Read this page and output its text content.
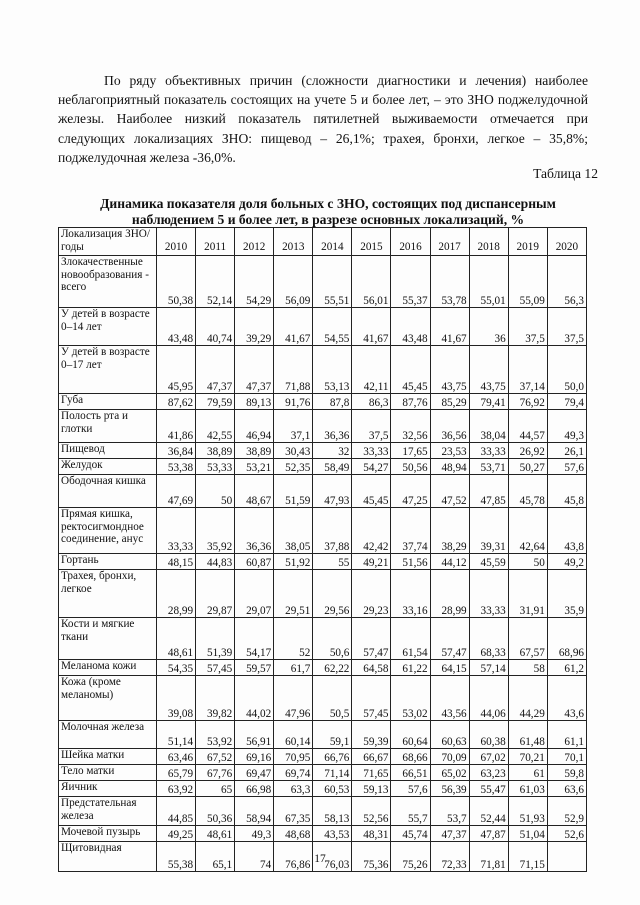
По ряду объективных причин (сложности диагностики и лечения) наиболее неблагоприятный показатель состоящих на учете 5 и более лет, – это ЗНО поджелудочной железы. Наиболее низкий показатель пятилетней выживаемости отмечается при следующих локализациях ЗНО: пищевод – 26,1%; трахея, бронхи, легкое – 35,8%; поджелудочная железа -36,0%.
Таблица 12
Динамика показателя доля больных с ЗНО, состоящих под диспансерным наблюдением 5 и более лет, в разрезе основных локализаций, %
Локализация ЗНО/ годы	2010	2011	2012	2013	2014	2015	2016	2017	2018	2019	2020
Злокачественные новообразования - всего	50,38	52,14	54,29	56,09	55,51	56,01	55,37	53,78	55,01	55,09	56,3
У детей в возрасте 0–14 лет	43,48	40,74	39,29	41,67	54,55	41,67	43,48	41,67	36	37,5	37,5
У детей в возрасте 0–17 лет	45,95	47,37	47,37	71,88	53,13	42,11	45,45	43,75	43,75	37,14	50,0
Губа	87,62	79,59	89,13	91,76	87,8	86,3	87,76	85,29	79,41	76,92	79,4
Полость рта и глотки	41,86	42,55	46,94	37,1	36,36	37,5	32,56	36,56	38,04	44,57	49,3
Пищевод	36,84	38,89	38,89	30,43	32	33,33	17,65	23,53	33,33	26,92	26,1
Желудок	53,38	53,33	53,21	52,35	58,49	54,27	50,56	48,94	53,71	50,27	57,6
Ободочная кишка	47,69	50	48,67	51,59	47,93	45,45	47,25	47,52	47,85	45,78	45,8
Прямая кишка, ректосигмондное соединение, анус	33,33	35,92	36,36	38,05	37,88	42,42	37,74	38,29	39,31	42,64	43,8
Гортань	48,15	44,83	60,87	51,92	55	49,21	51,56	44,12	45,59	50	49,2
Трахея, бронхи, легкое	28,99	29,87	29,07	29,51	29,56	29,23	33,16	28,99	33,33	31,91	35,9
Кости и мягкие ткани	48,61	51,39	54,17	52	50,6	57,47	61,54	57,47	68,33	67,57	68,96
Меланома кожи	54,35	57,45	59,57	61,7	62,22	64,58	61,22	64,15	57,14	58	61,2
Кожа (кроме меланомы)	39,08	39,82	44,02	47,96	50,5	57,45	53,02	43,56	44,06	44,29	43,6
Молочная железа	51,14	53,92	56,91	60,14	59,1	59,39	60,64	60,63	60,38	61,48	61,1
Шейка матки	63,46	67,52	69,16	70,95	66,76	66,67	68,66	70,09	67,02	70,21	70,1
Тело матки	65,79	67,76	69,47	69,74	71,14	71,65	66,51	65,02	63,23	61	59,8
Яичник	63,92	65	66,98	63,3	60,53	59,13	57,6	56,39	55,47	61,03	63,6
Предстательная железа	44,85	50,36	58,94	67,35	58,13	52,56	55,7	53,7	52,44	51,93	52,9
Мочевой пузырь	49,25	48,61	49,3	48,68	43,53	48,31	45,74	47,37	47,87	51,04	52,6
Щитовидная	55,38	65,1	74	76,86	76,03	75,36	75,26	72,33	71,81	71,15	
17
